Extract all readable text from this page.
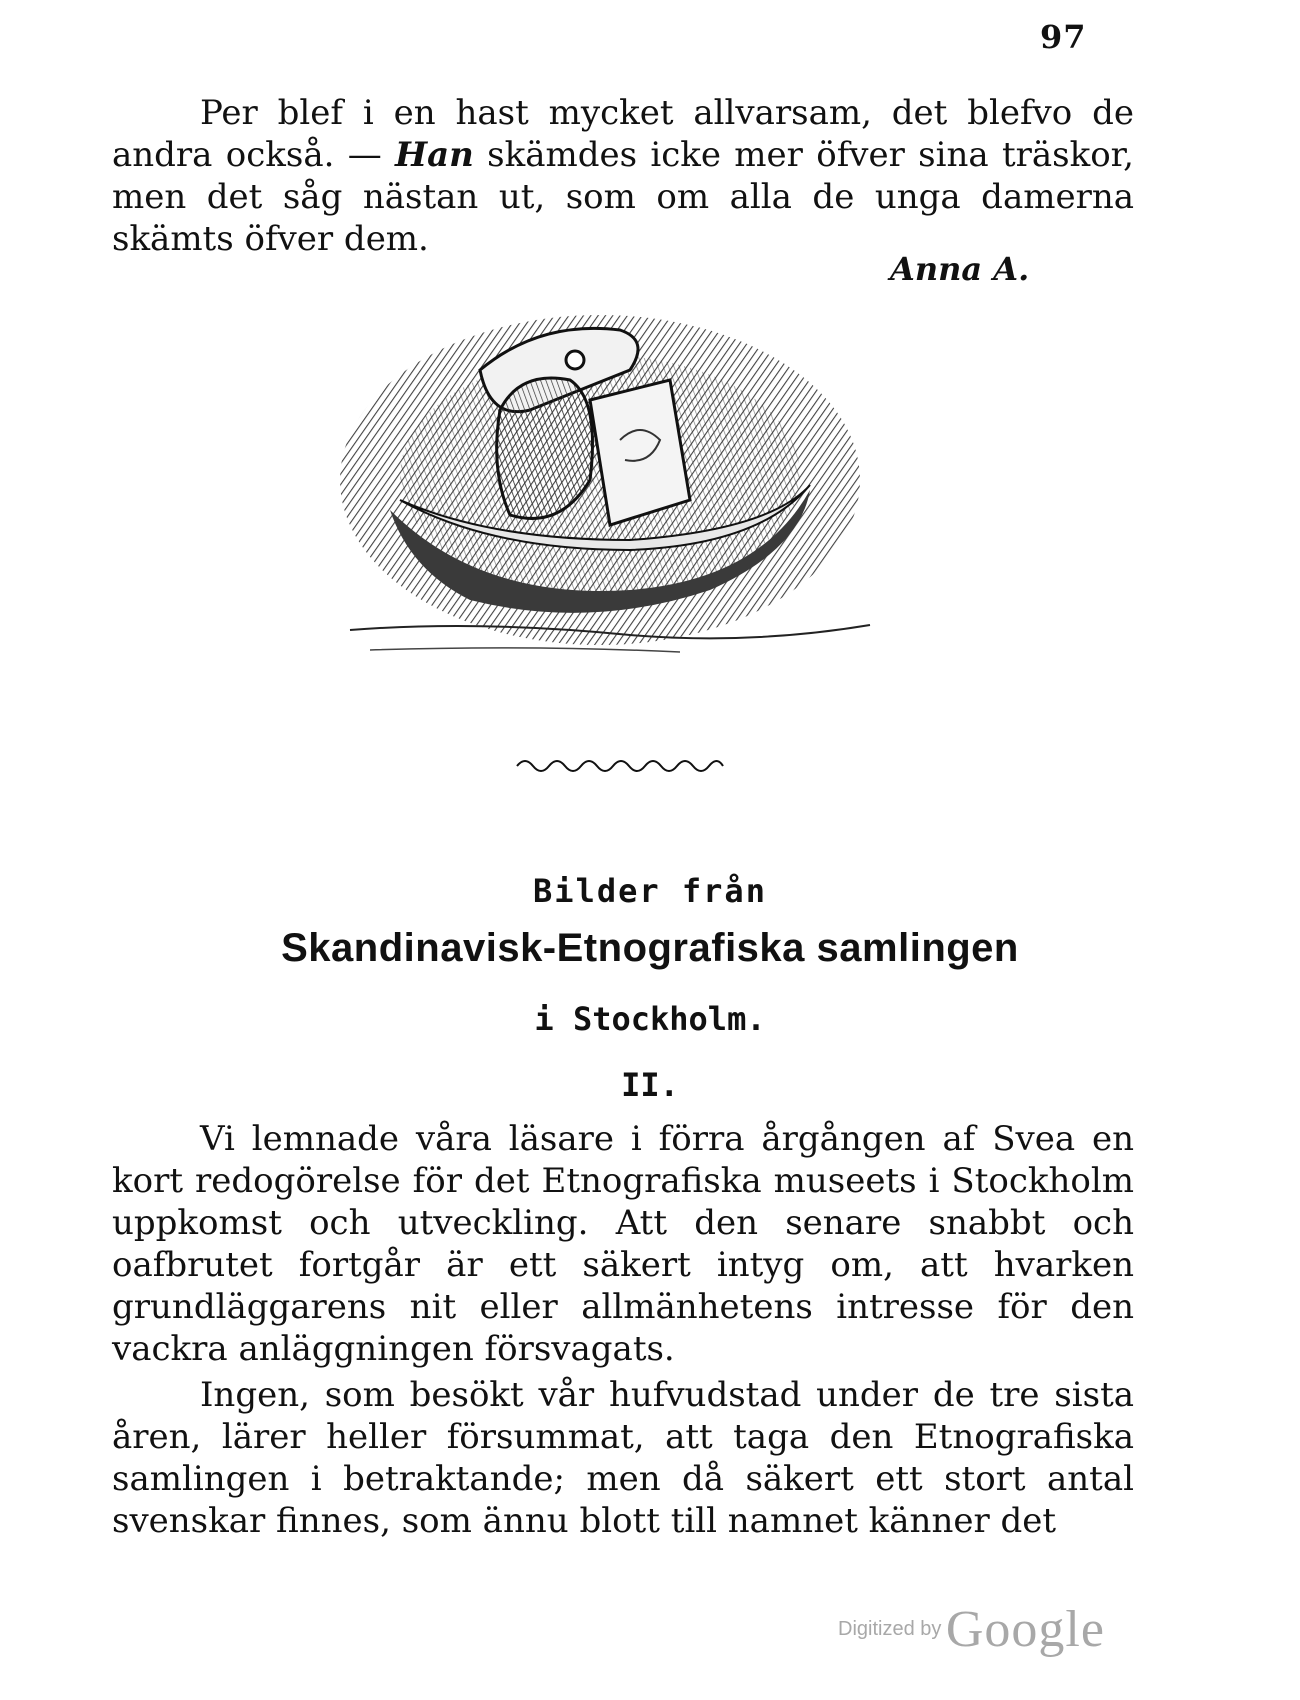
97

Per blef i en hast mycket allvarsam, det blefvo de andra också. — Han skämdes icke mer öfver sina träskor, men det såg nästan ut, som om alla de unga damerna skämts öfver dem.

Anna A.
Bilder från
Skandinavisk-Etnografiska samlingen
i Stockholm.
II.

Vi lemnade våra läsare i förra årgången af Svea en kort redogörelse för det Etnografiska museets i Stockholm uppkomst och utveckling. Att den senare snabbt och oafbrutet fortgår är ett säkert intyg om, att hvarken grundläggarens nit eller allmänhetens intresse för den vackra anläggningen försvagats.

Ingen, som besökt vår hufvudstad under de tre sista åren, lärer heller försummat, att taga den Etnografiska samlingen i betraktande; men då säkert ett stort antal svenskar finnes, som ännu blott till namnet känner det

Digitized by Google
